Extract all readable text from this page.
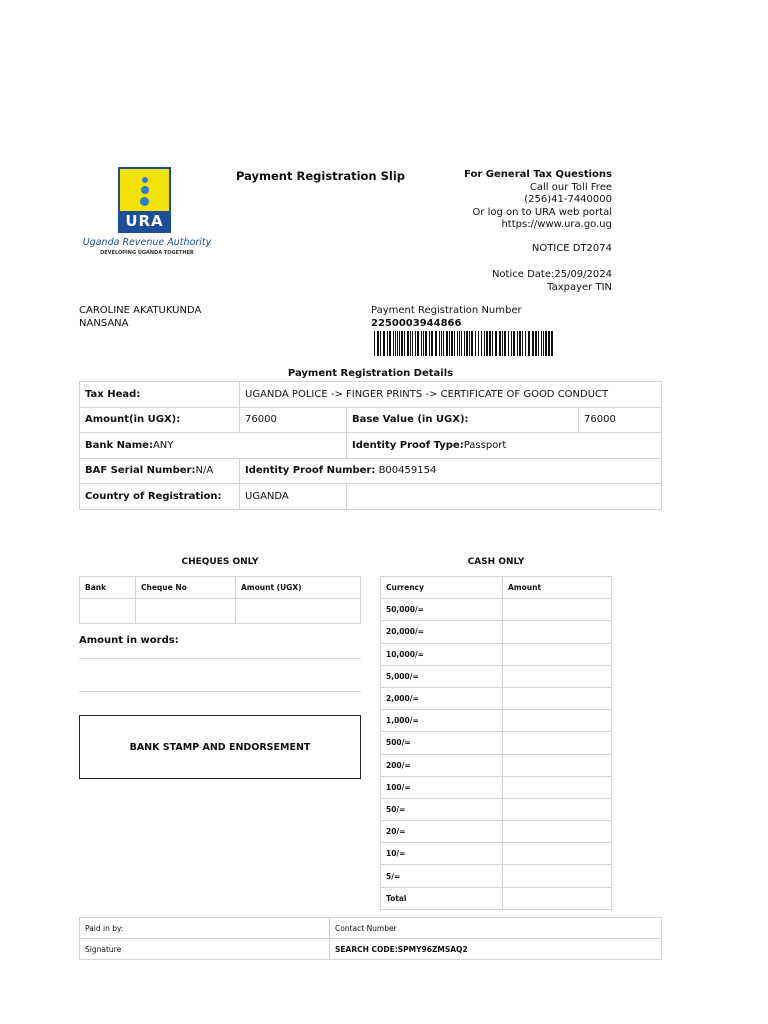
URA
Uganda Revenue Authority
DEVELOPING UGANDA TOGETHER
Payment Registration Slip	For General Tax Questions
Call our Toll Free
(256)41-7440000
Or log on to URA web portal
https://www.ura.go.ug
NOTICE DT2074
Notice Date:25/09/2024
Taxpayer TIN
CAROLINE AKATUKUNDA
NANSANA
Payment Registration Number
2250003944866
Payment Registration Details
Tax Head:	UGANDA POLICE -> FINGER PRINTS -> CERTIFICATE OF GOOD CONDUCT		
Amount(in UGX):	76000	Base Value (in UGX):	76000
Bank Name:ANY		Identity Proof Type:Passport	
BAF Serial Number:N/A	Identity Proof Number: B00459154		
Country of Registration:	UGANDA		
CHEQUES ONLY
Bank	Cheque No	Amount (UGX)

Amount in words:
BANK STAMP AND ENDORSEMENT
CASH ONLY
Currency	Amount
50,000/=	
20,000/=	
10,000/=	
5,000/=	
2,000/=	
1,000/=	
500/=	
200/=	
100/=	
50/=	
20/=	
10/=	
5/=	
Total	
Paid in by:	Contact Number
Signature	SEARCH CODE:SPMY96ZMSAQ2
